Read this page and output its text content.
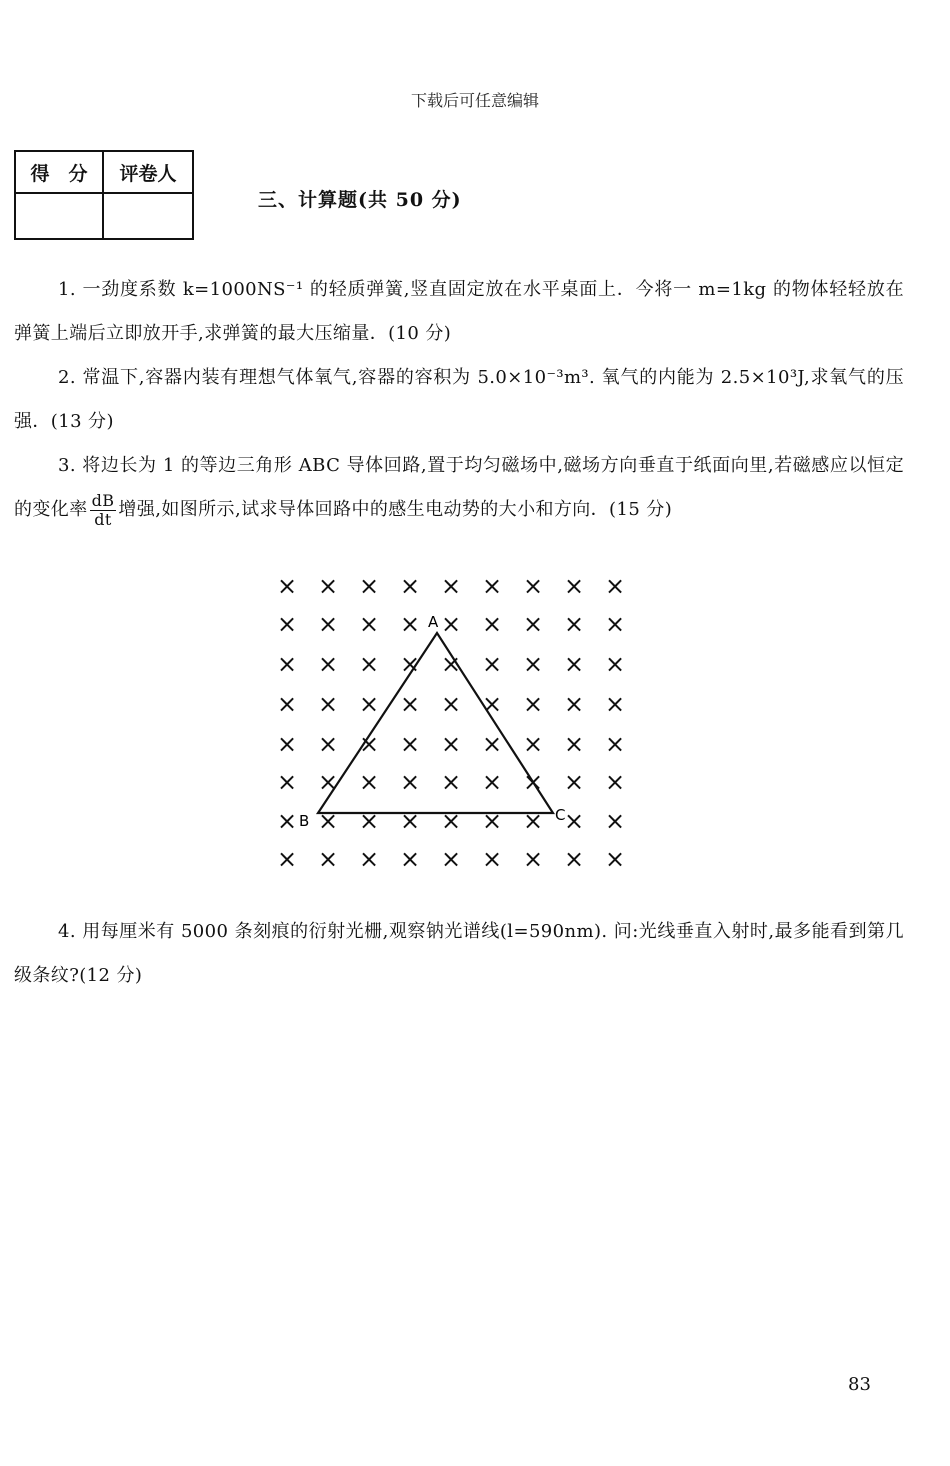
下载后可任意编辑
得　分	评卷人

三、计算题(共 50 分)
1. 一劲度系数 k=1000NS⁻¹ 的轻质弹簧,竖直固定放在水平桌面上．今将一 m=1kg 的物体轻轻放在弹簧上端后立即放开手,求弹簧的最大压缩量．(10 分)
2. 常温下,容器内装有理想气体氧气,容器的容积为 5.0×10⁻³m³. 氧气的内能为 2.5×10³J,求氧气的压强．(13 分)
3. 将边长为 1 的等边三角形 ABC 导体回路,置于均匀磁场中,磁场方向垂直于纸面向里,若磁感应以恒定的变化率 $\frac{dB}{dt}$ 增强,如图所示,试求导体回路中的感生电动势的大小和方向．(15 分)
× × × × × × × × ×
× × × × × × × × ×
× × × × × × × × ×
× × × × × × × × ×
× × × × × × × × ×
× × × × × × × × ×
× × × × × × × × ×
× × × × × × × × ×
A
B	C
4. 用每厘米有 5000 条刻痕的衍射光栅,观察钠光谱线(l=590nm). 问:光线垂直入射时,最多能看到第几级条纹?(12 分)
83
